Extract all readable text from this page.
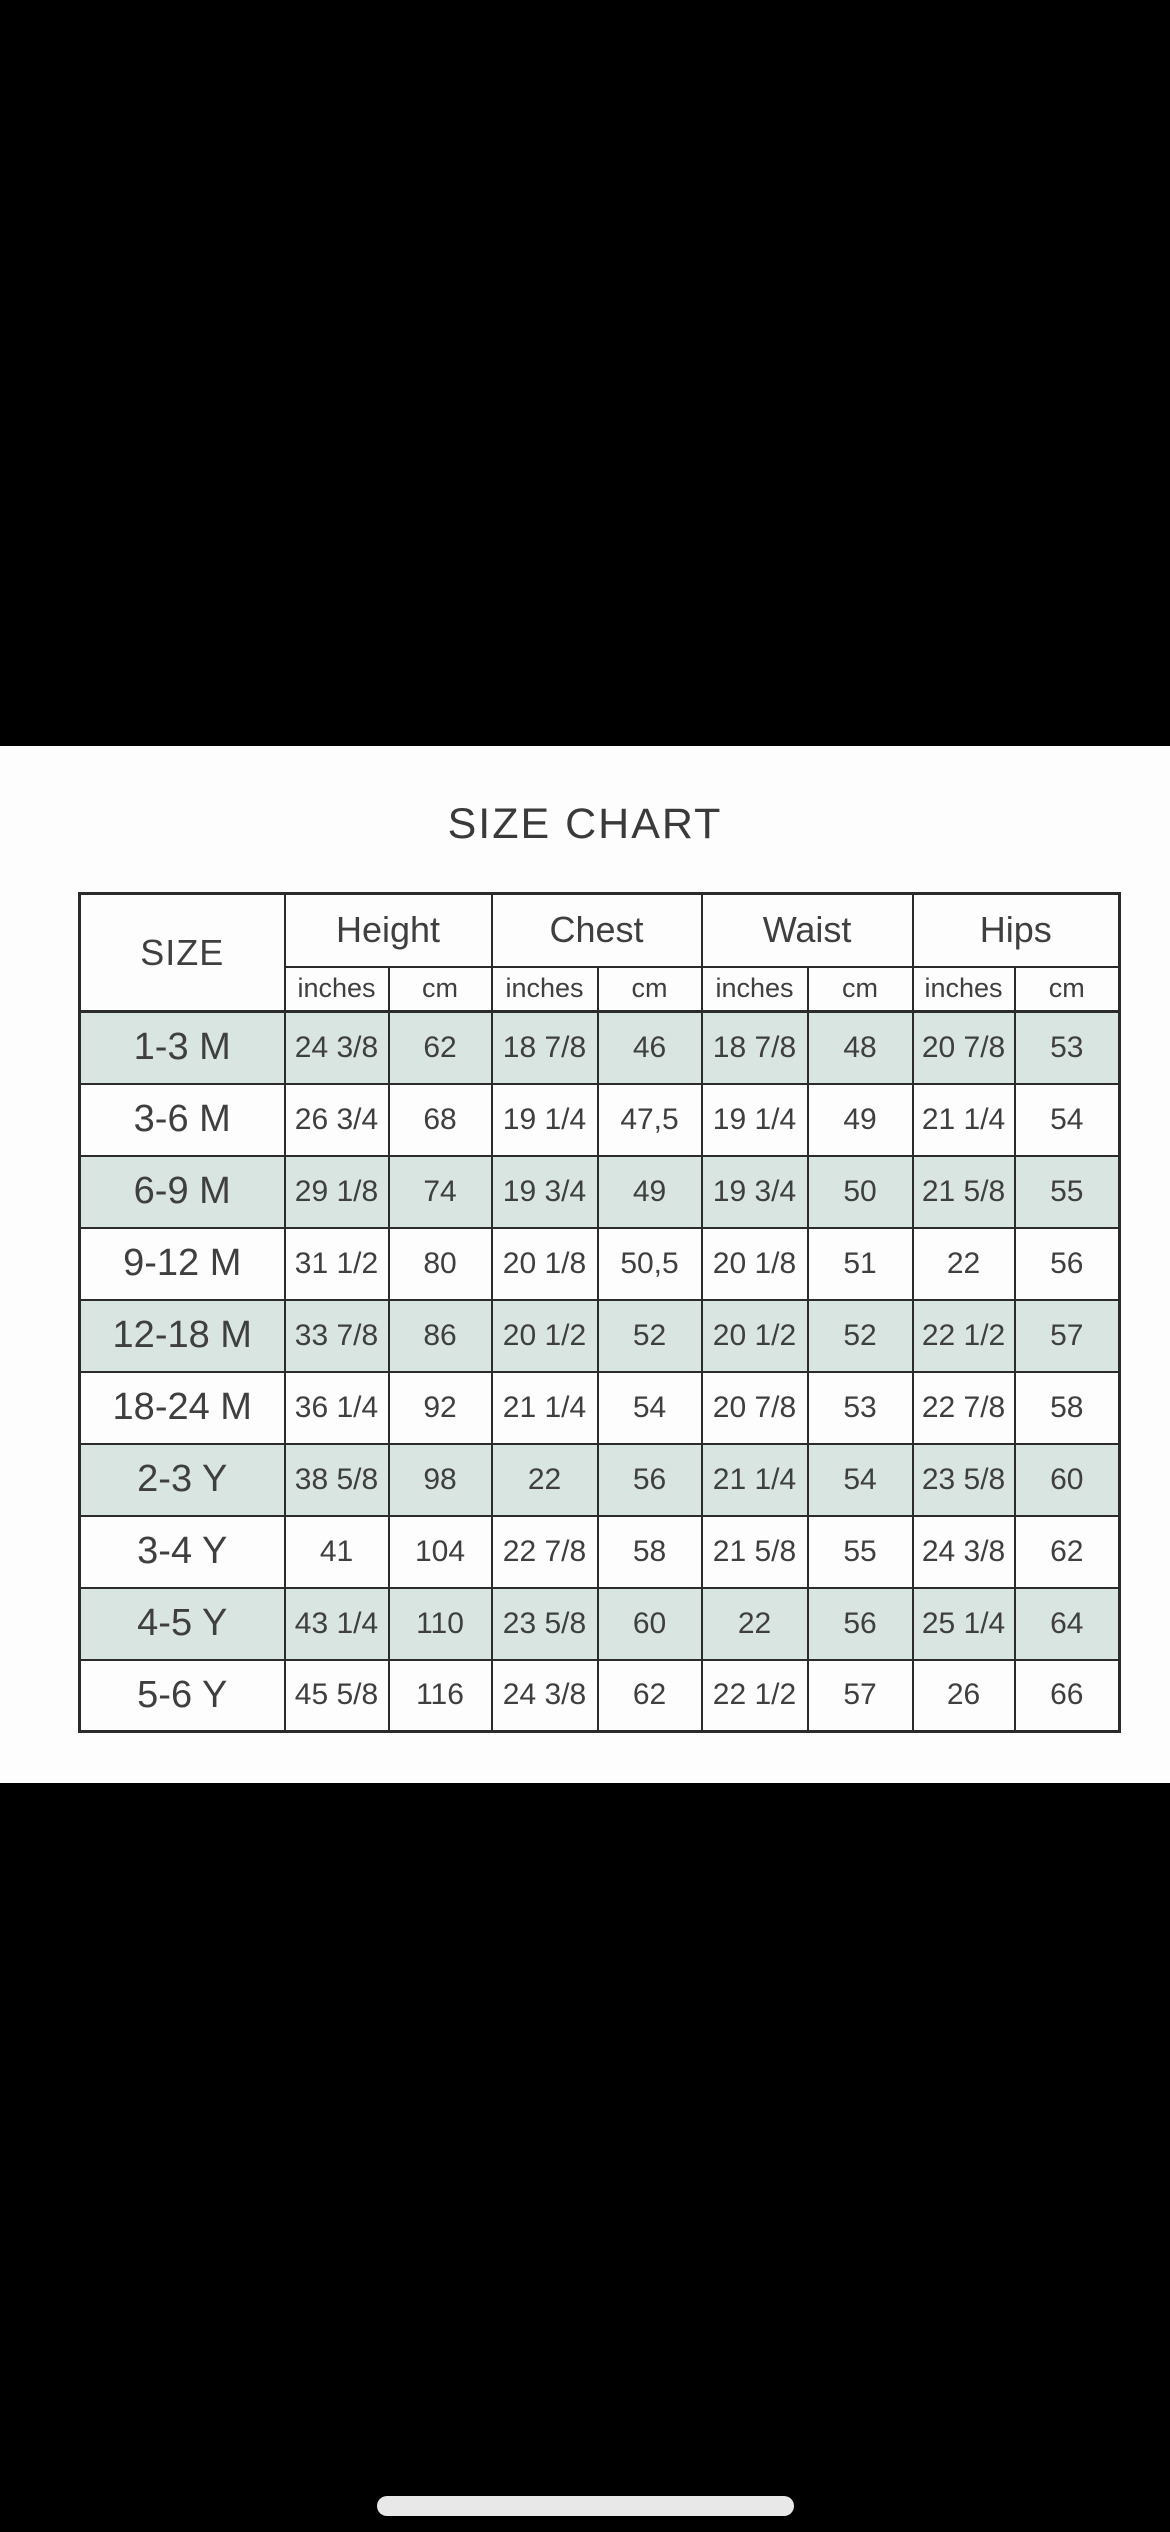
SIZE CHART
SIZE	Height		Chest		Waist		Hips	
	inches	cm	inches	cm	inches	cm	inches	cm
1-3 M	24 3/8	62	18 7/8	46	18 7/8	48	20 7/8	53
3-6 M	26 3/4	68	19 1/4	47,5	19 1/4	49	21 1/4	54
6-9 M	29 1/8	74	19 3/4	49	19 3/4	50	21 5/8	55
9-12 M	31 1/2	80	20 1/8	50,5	20 1/8	51	22	56
12-18 M	33 7/8	86	20 1/2	52	20 1/2	52	22 1/2	57
18-24 M	36 1/4	92	21 1/4	54	20 7/8	53	22 7/8	58
2-3 Y	38 5/8	98	22	56	21 1/4	54	23 5/8	60
3-4 Y	41	104	22 7/8	58	21 5/8	55	24 3/8	62
4-5 Y	43 1/4	110	23 5/8	60	22	56	25 1/4	64
5-6 Y	45 5/8	116	24 3/8	62	22 1/2	57	26	66
